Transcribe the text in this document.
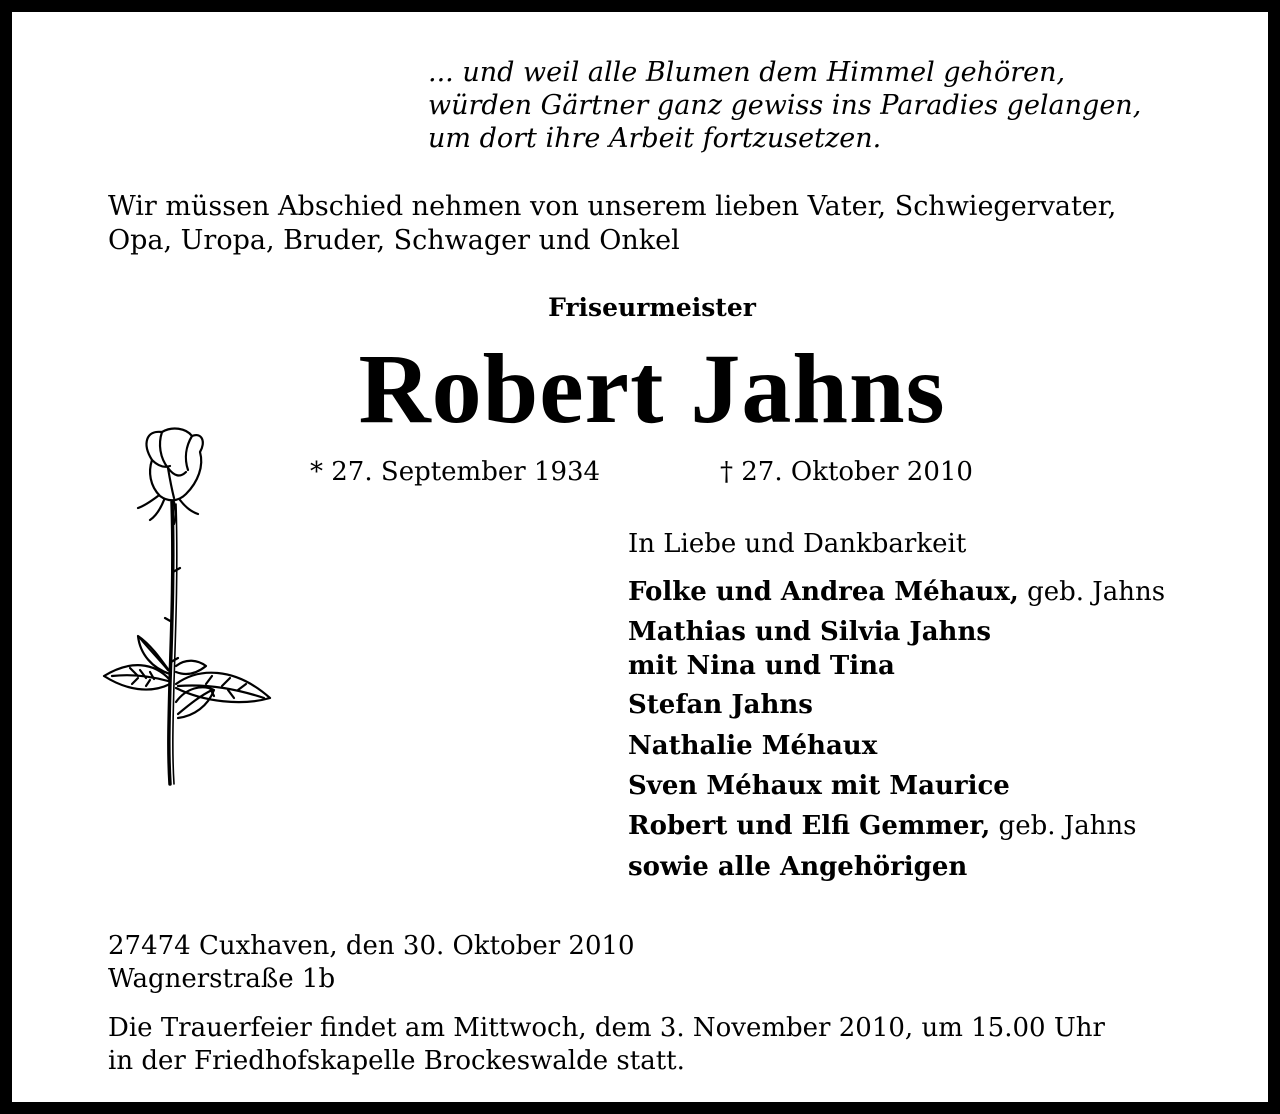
... und weil alle Blumen dem Himmel gehören,
würden Gärtner ganz gewiss ins Paradies gelangen,
um dort ihre Arbeit fortzusetzen.
Wir müssen Abschied nehmen von unserem lieben Vater, Schwiegervater,
Opa, Uropa, Bruder, Schwager und Onkel
Friseurmeister
Robert Jahns
* 27. September 1934	† 27. Oktober 2010
In Liebe und Dankbarkeit
Folke und Andrea Méhaux, geb. Jahns
Mathias und Silvia Jahns
mit Nina und Tina
Stefan Jahns
Nathalie Méhaux
Sven Méhaux mit Maurice
Robert und Elfi Gemmer, geb. Jahns
sowie alle Angehörigen
27474 Cuxhaven, den 30. Oktober 2010
Wagnerstraße 1b
Die Trauerfeier findet am Mittwoch, dem 3. November 2010, um 15.00 Uhr
in der Friedhofskapelle Brockeswalde statt.
